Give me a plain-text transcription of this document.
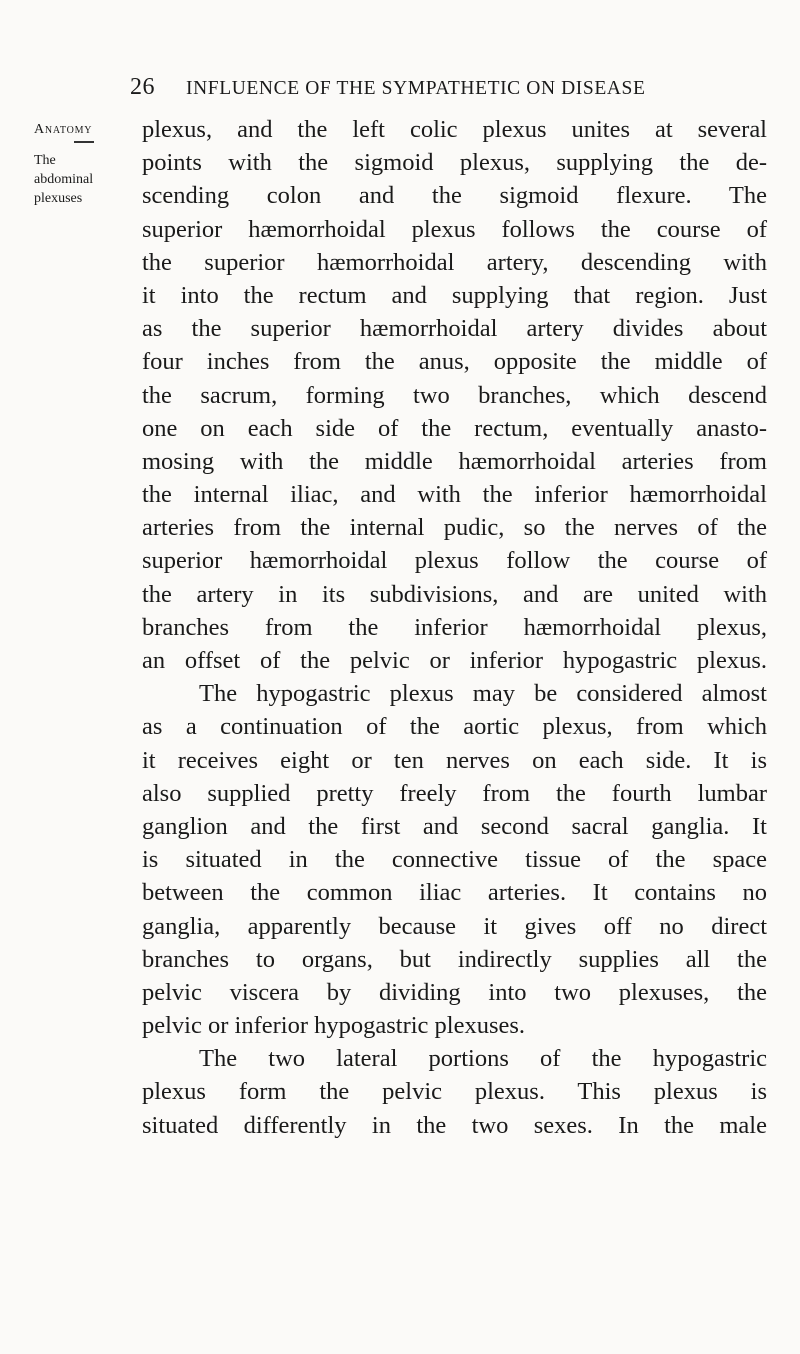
26 INFLUENCE OF THE SYMPATHETIC ON DISEASE
Anatomy
The
abdominal
plexuses
plexus, and the left colic plexus unites at several
points with the sigmoid plexus, supplying the de-
scending colon and the sigmoid flexure. The
superior hæmorrhoidal plexus follows the course of
the superior hæmorrhoidal artery, descending with
it into the rectum and supplying that region. Just
as the superior hæmorrhoidal artery divides about
four inches from the anus, opposite the middle of
the sacrum, forming two branches, which descend
one on each side of the rectum, eventually anasto-
mosing with the middle hæmorrhoidal arteries from
the internal iliac, and with the inferior hæmorrhoidal
arteries from the internal pudic, so the nerves of the
superior hæmorrhoidal plexus follow the course of
the artery in its subdivisions, and are united with
branches from the inferior hæmorrhoidal plexus,
an offset of the pelvic or inferior hypogastric plexus.
The hypogastric plexus may be considered almost
as a continuation of the aortic plexus, from which
it receives eight or ten nerves on each side. It is
also supplied pretty freely from the fourth lumbar
ganglion and the first and second sacral ganglia. It
is situated in the connective tissue of the space
between the common iliac arteries. It contains no
ganglia, apparently because it gives off no direct
branches to organs, but indirectly supplies all the
pelvic viscera by dividing into two plexuses, the
pelvic or inferior hypogastric plexuses.
The two lateral portions of the hypogastric
plexus form the pelvic plexus. This plexus is
situated differently in the two sexes. In the male
